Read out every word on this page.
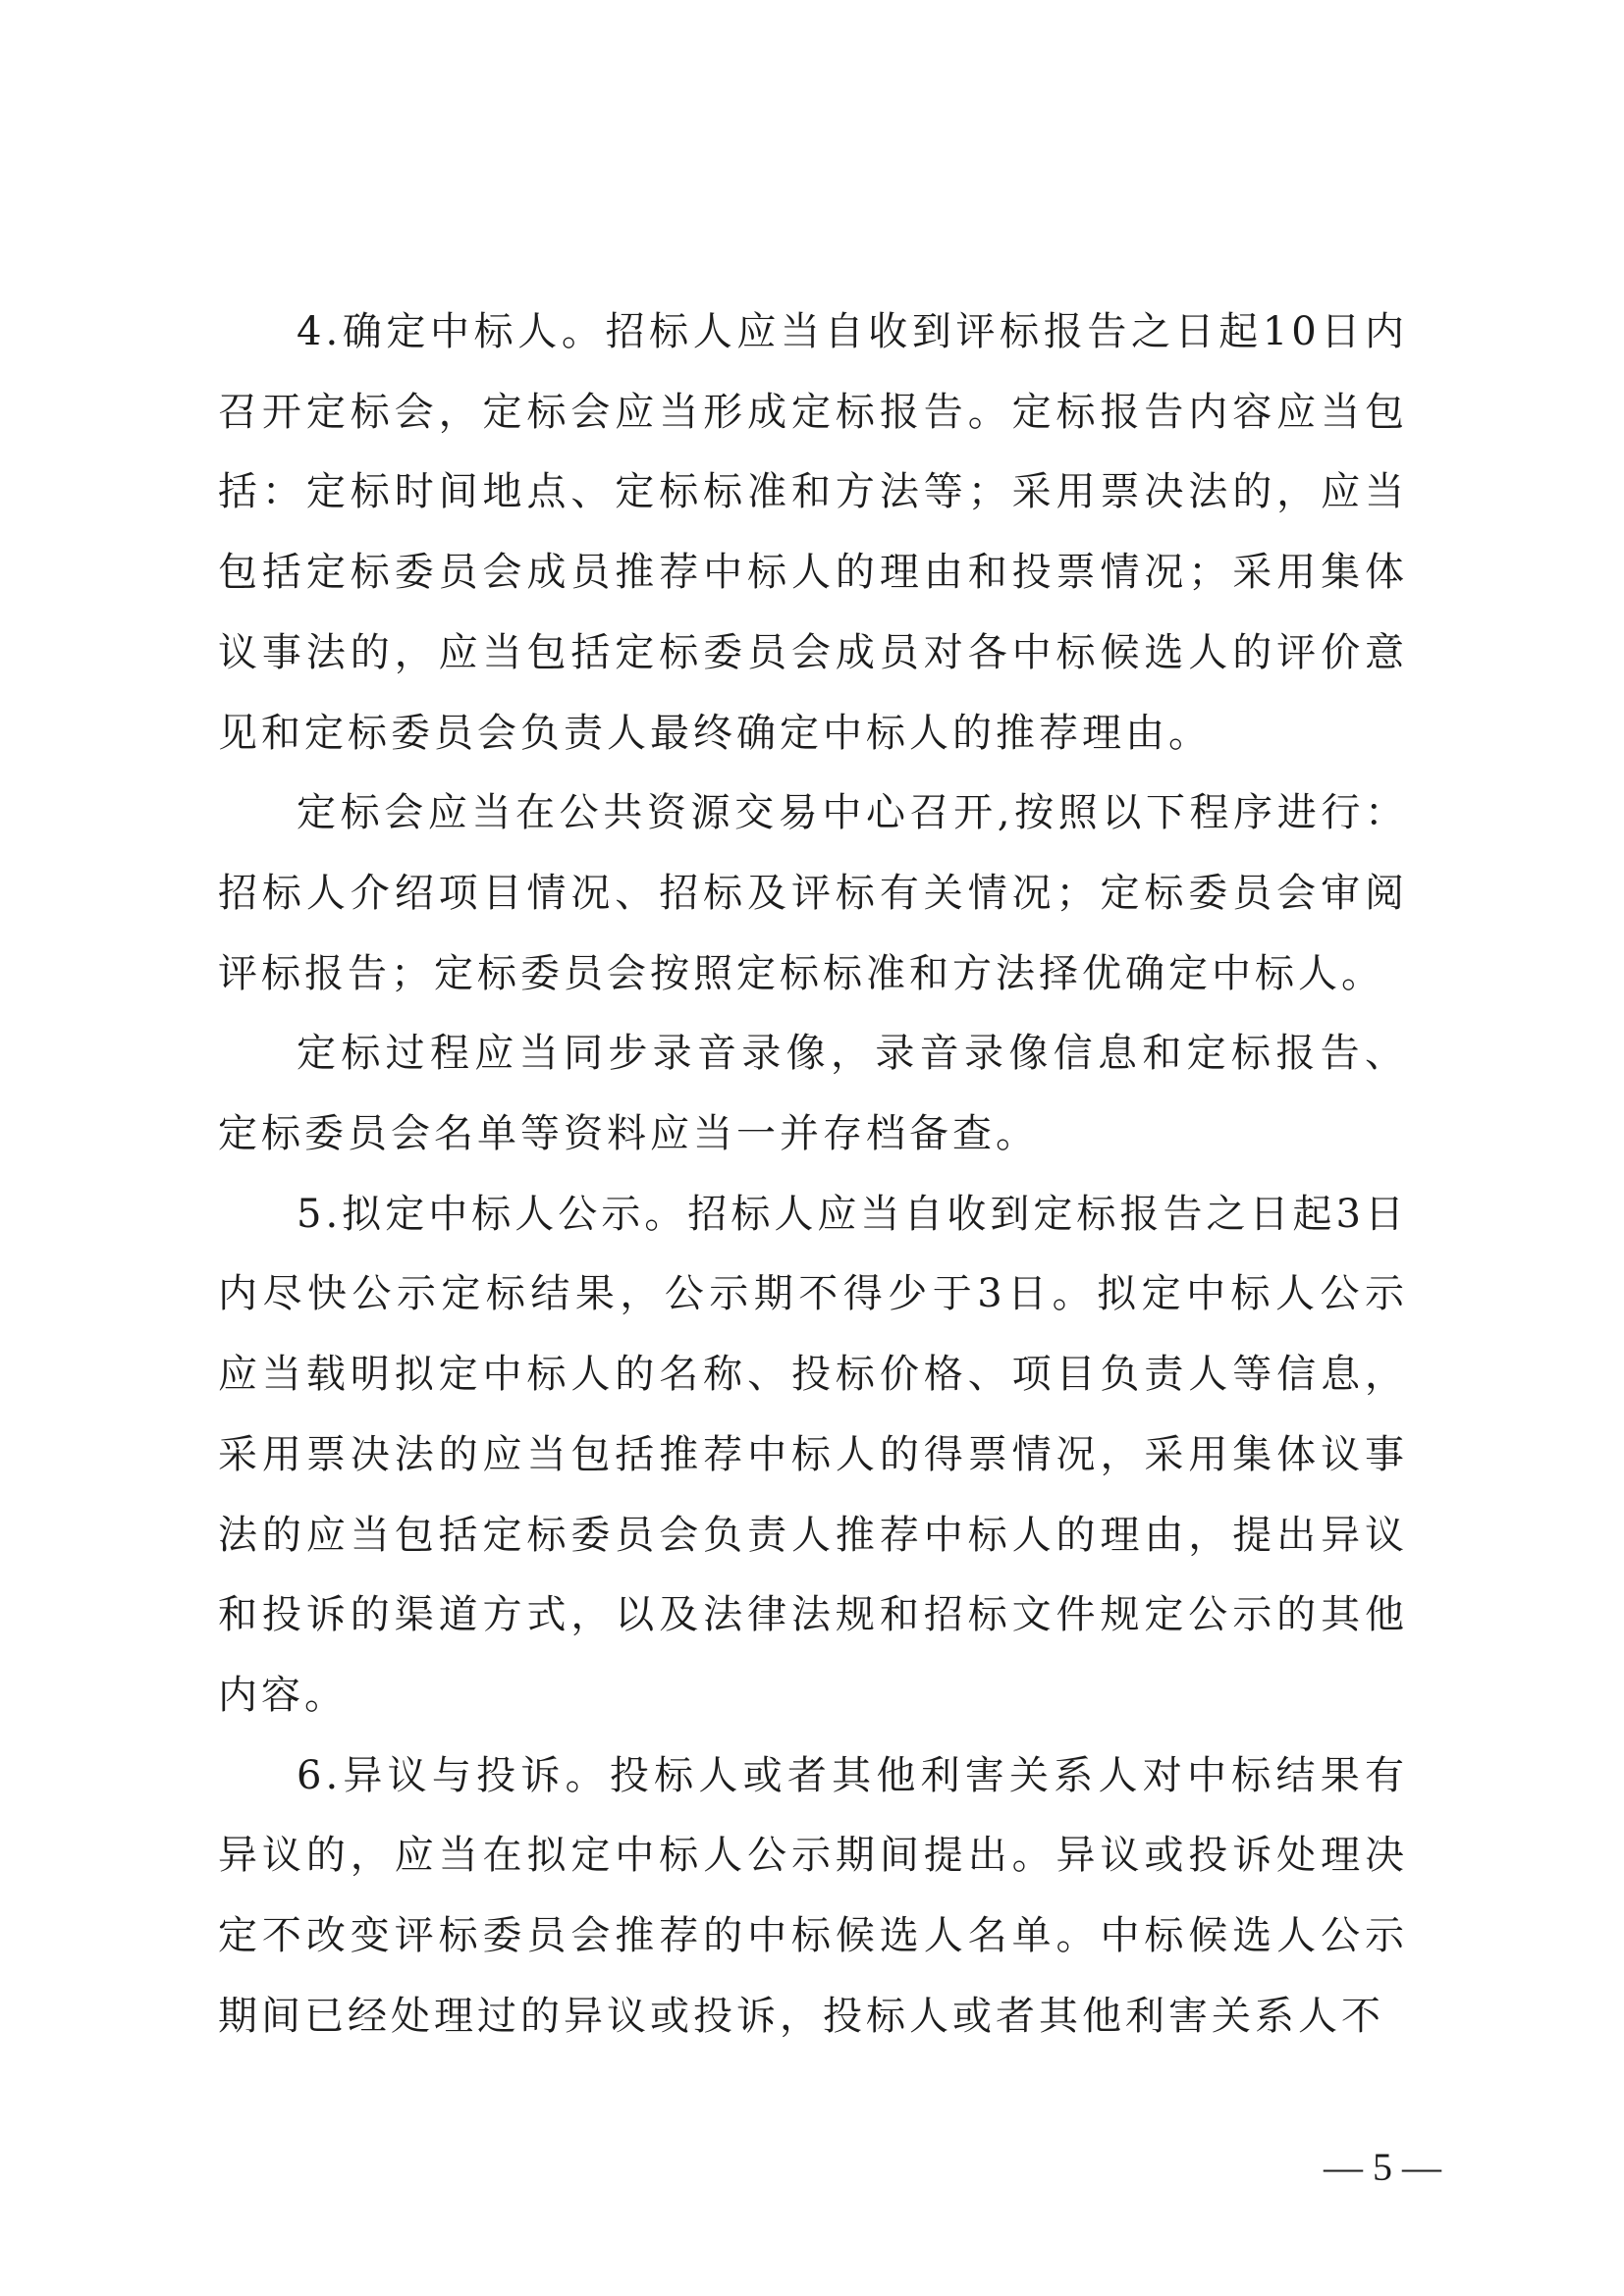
4.确定中标人。招标人应当自收到评标报告之日起10日内召开定标会，定标会应当形成定标报告。定标报告内容应当包括：定标时间地点、定标标准和方法等；采用票决法的，应当包括定标委员会成员推荐中标人的理由和投票情况；采用集体议事法的，应当包括定标委员会成员对各中标候选人的评价意见和定标委员会负责人最终确定中标人的推荐理由。

定标会应当在公共资源交易中心召开,按照以下程序进行：招标人介绍项目情况、招标及评标有关情况；定标委员会审阅评标报告；定标委员会按照定标标准和方法择优确定中标人。

定标过程应当同步录音录像，录音录像信息和定标报告、定标委员会名单等资料应当一并存档备查。

5.拟定中标人公示。招标人应当自收到定标报告之日起3日内尽快公示定标结果，公示期不得少于3日。拟定中标人公示应当载明拟定中标人的名称、投标价格、项目负责人等信息，采用票决法的应当包括推荐中标人的得票情况，采用集体议事法的应当包括定标委员会负责人推荐中标人的理由，提出异议和投诉的渠道方式，以及法律法规和招标文件规定公示的其他内容。

6.异议与投诉。投标人或者其他利害关系人对中标结果有异议的，应当在拟定中标人公示期间提出。异议或投诉处理决定不改变评标委员会推荐的中标候选人名单。中标候选人公示期间已经处理过的异议或投诉，投标人或者其他利害关系人不

— 5 —
